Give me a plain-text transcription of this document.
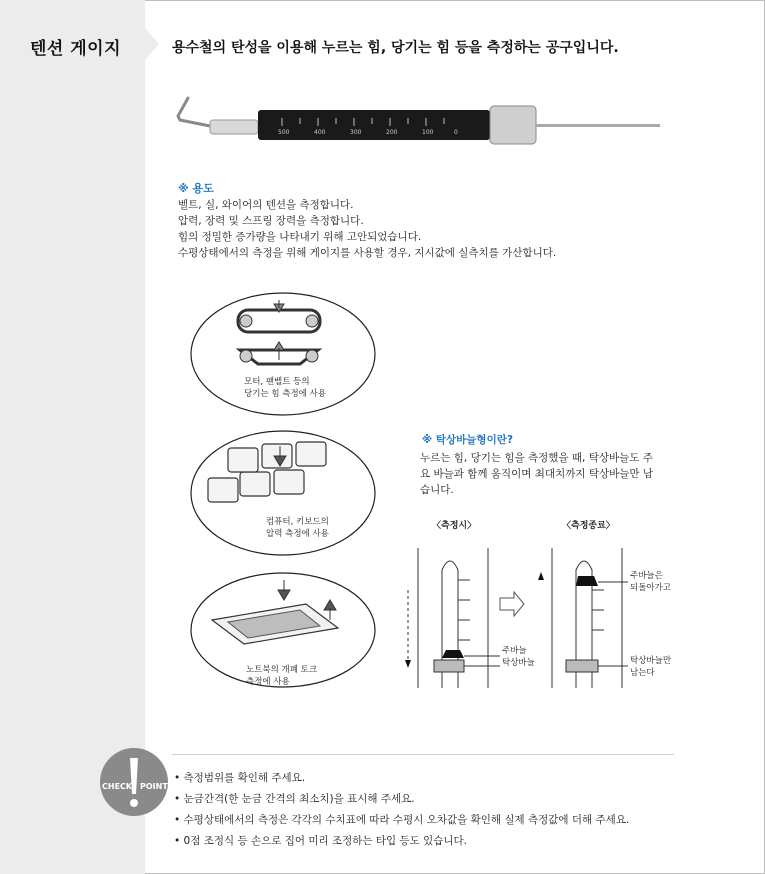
텐션 게이지	용수철의 탄성을 이용해 누르는 힘, 당기는 힘 등을 측정하는 공구입니다.
500	400	300	200	100	0
※ 용도
벨트, 실, 와이어의 텐션을 측정합니다.
압력, 장력 및 스프링 장력을 측정합니다.
힘의 정밀한 증가량을 나타내기 위해 고안되었습니다.
수평상태에서의 측정을 위해 게이지를 사용할 경우, 지시값에 실측치를 가산합니다.
모터, 팬벨트 등의
당기는 힘 측정에 사용
컴퓨터, 키보드의
압력 측정에 사용
노트북의 개폐 토크
측정에 사용
※ 탁상바늘형이란?
누르는 힘, 당기는 힘을 측정했을 때, 탁상바늘도 주요 바늘과 함께 움직이며 최대치까지 탁상바늘만 남습니다.
〈측정시〉	〈측정종료〉
주바늘
탁상바늘
주바늘은
되돌아가고
탁상바늘만
남는다
CHECK POINT
• 측정범위를 확인해 주세요.
• 눈금간격(한 눈금 간격의 최소치)을 표시해 주세요.
• 수평상태에서의 측정은 각각의 수치표에 따라 수평시 오차값을 확인해 실제 측정값에 더해 주세요.
• 0점 조정식 등 손으로 집어 미리 조정하는 타입 등도 있습니다.
